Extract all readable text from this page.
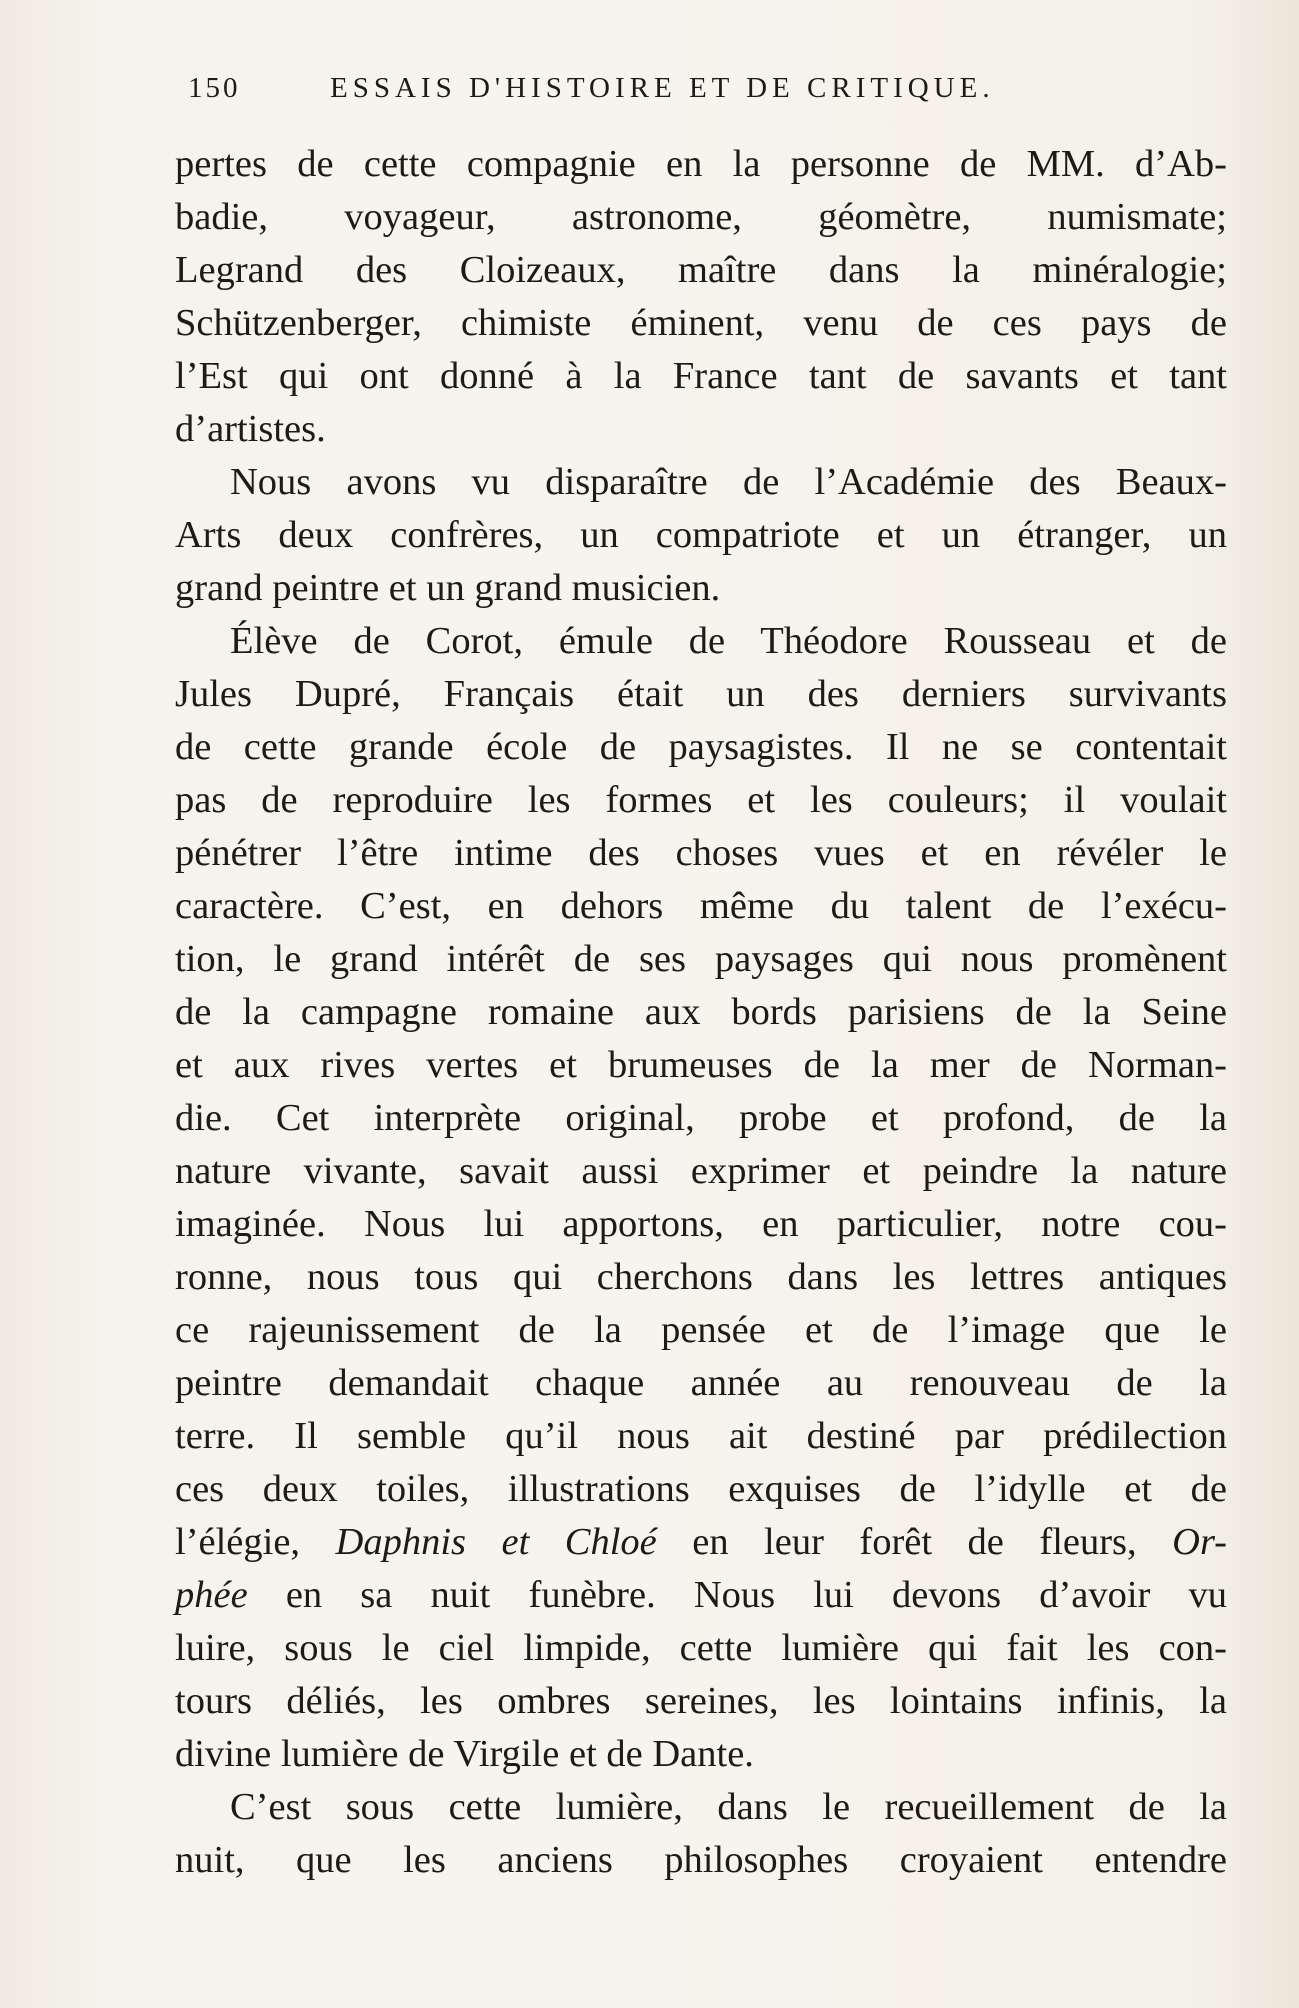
150	ESSAIS D'HISTOIRE ET DE CRITIQUE.
pertes de cette compagnie en la personne de MM. d’Ab-
badie, voyageur, astronome, géomètre, numismate;
Legrand des Cloizeaux, maître dans la minéralogie;
Schützenberger, chimiste éminent, venu de ces pays de
l’Est qui ont donné à la France tant de savants et tant
d’artistes.
Nous avons vu disparaître de l’Académie des Beaux-
Arts deux confrères, un compatriote et un étranger, un
grand peintre et un grand musicien.
Élève de Corot, émule de Théodore Rousseau et de
Jules Dupré, Français était un des derniers survivants
de cette grande école de paysagistes. Il ne se contentait
pas de reproduire les formes et les couleurs; il voulait
pénétrer l’être intime des choses vues et en révéler le
caractère. C’est, en dehors même du talent de l’exécu-
tion, le grand intérêt de ses paysages qui nous promènent
de la campagne romaine aux bords parisiens de la Seine
et aux rives vertes et brumeuses de la mer de Norman-
die. Cet interprète original, probe et profond, de la
nature vivante, savait aussi exprimer et peindre la nature
imaginée. Nous lui apportons, en particulier, notre cou-
ronne, nous tous qui cherchons dans les lettres antiques
ce rajeunissement de la pensée et de l’image que le
peintre demandait chaque année au renouveau de la
terre. Il semble qu’il nous ait destiné par prédilection
ces deux toiles, illustrations exquises de l’idylle et de
l’élégie, Daphnis et Chloé en leur forêt de fleurs, Or-
phée en sa nuit funèbre. Nous lui devons d’avoir vu
luire, sous le ciel limpide, cette lumière qui fait les con-
tours déliés, les ombres sereines, les lointains infinis, la
divine lumière de Virgile et de Dante.
C’est sous cette lumière, dans le recueillement de la
nuit, que les anciens philosophes croyaient entendre
